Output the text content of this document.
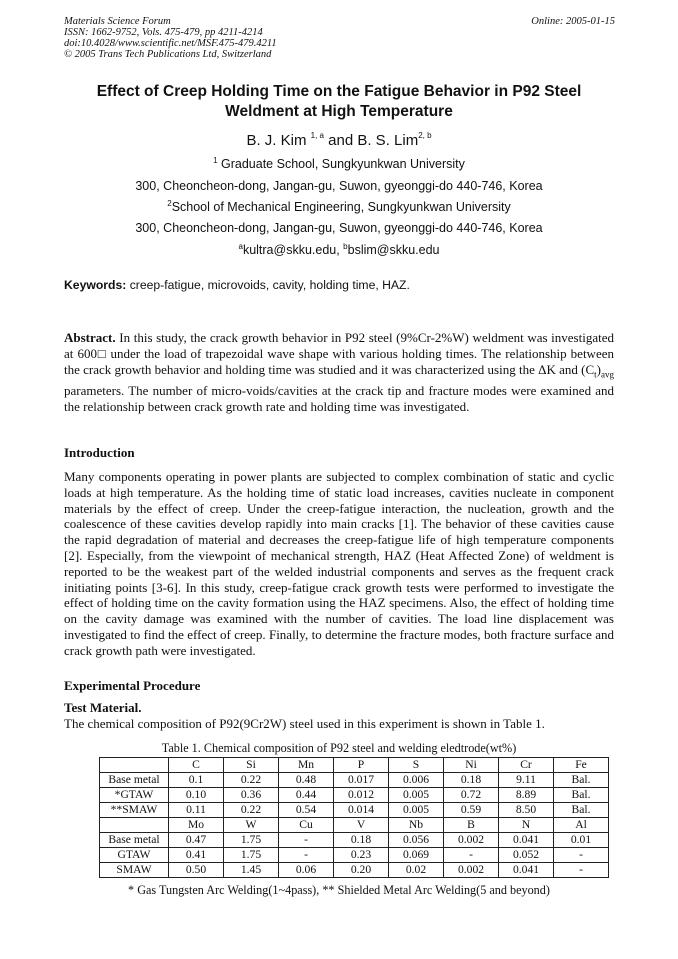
Materials Science Forum
ISSN: 1662-9752, Vols. 475-479, pp 4211-4214
doi:10.4028/www.scientific.net/MSF.475-479.4211
© 2005 Trans Tech Publications Ltd, Switzerland
Online: 2005-01-15
Effect of Creep Holding Time on the Fatigue Behavior in P92 Steel
Weldment at High Temperature
B. J. Kim $^{1, a}$ and B. S. Lim$^{2, b}$
$^1$ Graduate School, Sungkyunkwan University
300, Cheoncheon-dong, Jangan-gu, Suwon, gyeonggi-do 440-746, Korea
$^2$School of Mechanical Engineering, Sungkyunkwan University
300, Cheoncheon-dong, Jangan-gu, Suwon, gyeonggi-do 440-746, Korea
$^a$kultra@skku.edu, $^b$bslim@skku.edu
Keywords: creep-fatigue, microvoids, cavity, holding time, HAZ.
Abstract. In this study, the crack growth behavior in P92 steel (9%Cr-2%W) weldment was investigated at 600□ under the load of trapezoidal wave shape with various holding times. The relationship between the crack growth behavior and holding time was studied and it was characterized using the ΔK and $(C_t)_{avg}$ parameters. The number of micro-voids/cavities at the crack tip and fracture modes were examined and the relationship between crack growth rate and holding time was investigated.
Introduction
Many components operating in power plants are subjected to complex combination of static and cyclic loads at high temperature. As the holding time of static load increases, cavities nucleate in component materials by the effect of creep. Under the creep-fatigue interaction, the nucleation, growth and the coalescence of these cavities develop rapidly into main cracks [1]. The behavior of these cavities cause the rapid degradation of material and decreases the creep-fatigue life of high temperature components [2]. Especially, from the viewpoint of mechanical strength, HAZ (Heat Affected Zone) of weldment is reported to be the weakest part of the welded industrial components and serves as the frequent crack initiating points [3-6]. In this study, creep-fatigue crack growth tests were performed to investigate the effect of holding time on the cavity formation using the HAZ specimens. Also, the effect of holding time on the cavity damage was examined with the number of cavities. The load line displacement was investigated to find the effect of creep. Finally, to determine the fracture modes, both fracture surface and crack growth path were investigated.
Experimental Procedure
Test Material.
The chemical composition of P92(9Cr2W) steel used in this experiment is shown in Table 1.
Table 1. Chemical composition of P92 steel and welding eledtrode(wt%)
	C	Si	Mn	P	S	Ni	Cr	Fe
Base metal	0.1	0.22	0.48	0.017	0.006	0.18	9.11	Bal.
*GTAW	0.10	0.36	0.44	0.012	0.005	0.72	8.89	Bal.
**SMAW	0.11	0.22	0.54	0.014	0.005	0.59	8.50	Bal.
	Mo	W	Cu	V	Nb	B	N	Al
Base metal	0.47	1.75	-	0.18	0.056	0.002	0.041	0.01
GTAW	0.41	1.75	-	0.23	0.069	-	0.052	-
SMAW	0.50	1.45	0.06	0.20	0.02	0.002	0.041	-
* Gas Tungsten Arc Welding(1~4pass), ** Shielded Metal Arc Welding(5 and beyond)
